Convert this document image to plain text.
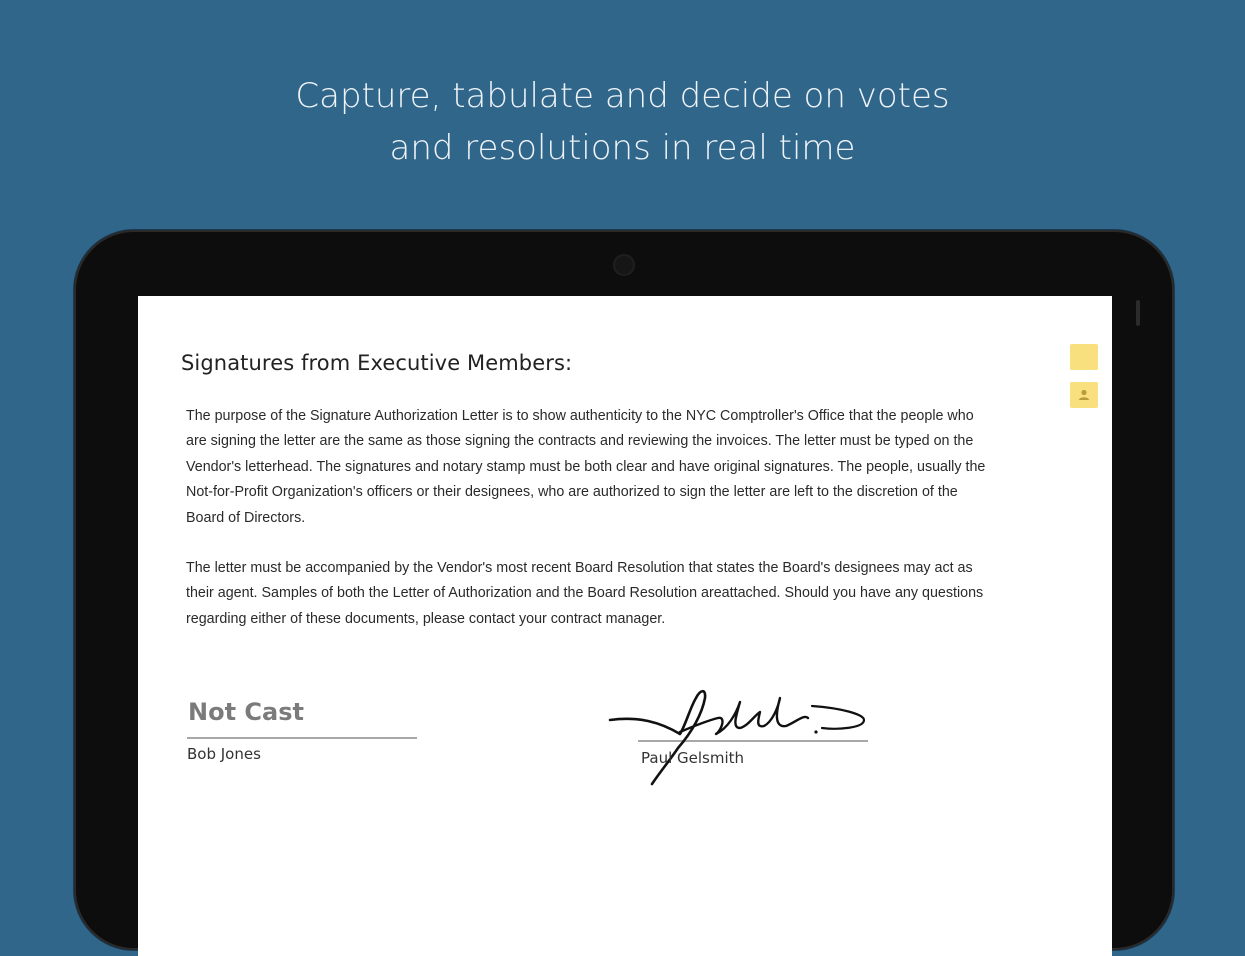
Capture, tabulate and decide on votes
and resolutions in real time
Signatures from Executive Members:

The purpose of the Signature Authorization Letter is to show authenticity to the NYC Comptroller's Office that the people who
are signing the letter are the same as those signing the contracts and reviewing the invoices. The letter must be typed on the
Vendor's letterhead. The signatures and notary stamp must be both clear and have original signatures. The people, usually the
Not-for-Profit Organization's officers or their designees, who are authorized to sign the letter are left to the discretion of the
Board of Directors.

The letter must be accompanied by the Vendor's most recent Board Resolution that states the Board's designees may act as
their agent. Samples of both the Letter of Authorization and the Board Resolution areattached. Should you have any questions
regarding either of these documents, please contact your contract manager.

Not Cast
Bob Jones	Paul Gelsmith
